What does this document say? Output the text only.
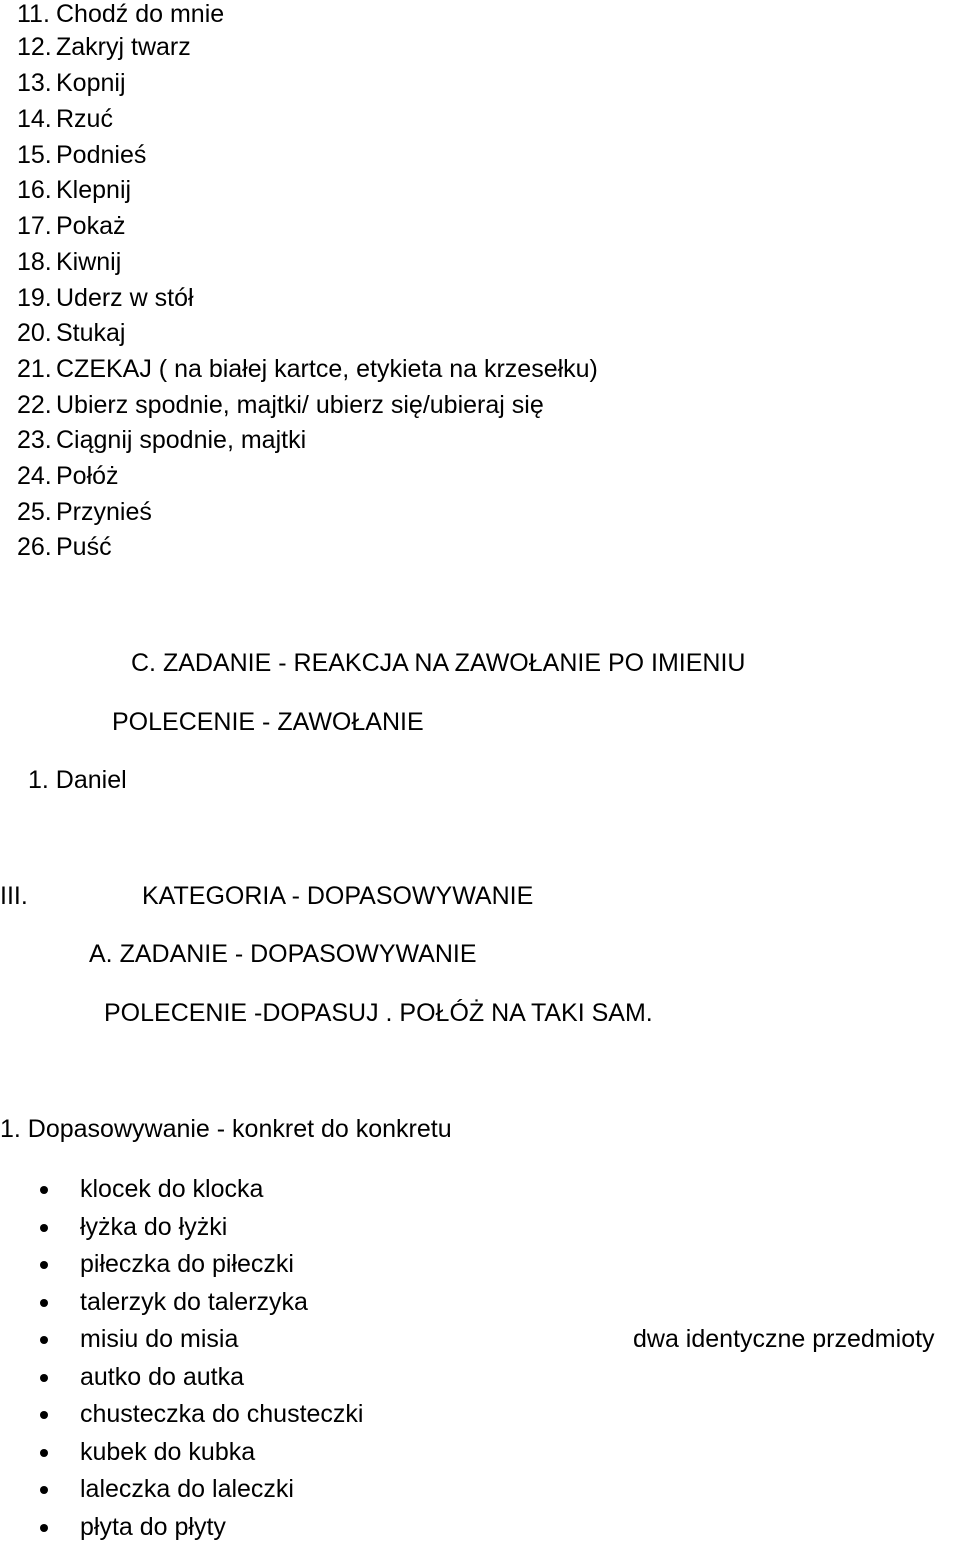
11. Chodź do mnie
12. Zakryj twarz
13. Kopnij
14. Rzuć
15. Podnieś
16. Klepnij
17. Pokaż
18. Kiwnij
19. Uderz w stół
20. Stukaj
21. CZEKAJ ( na białej kartce, etykieta na krzesełku)
22. Ubierz spodnie, majtki/ ubierz się/ubieraj się
23. Ciągnij spodnie, majtki
24. Połóż
25. Przynieś
26. Puść
C. ZADANIE - REAKCJA NA ZAWOŁANIE PO IMIENIU
POLECENIE - ZAWOŁANIE
1. Daniel
III.	KATEGORIA - DOPASOWYWANIE
A. ZADANIE - DOPASOWYWANIE
POLECENIE -DOPASUJ . POŁÓŻ NA TAKI SAM.
1. Dopasowywanie - konkret do konkretu
klocek do klocka
łyżka do łyżki
piłeczka do piłeczki
talerzyk do talerzyka
misiu do misia
autko do autka
chusteczka do chusteczki
kubek do kubka
laleczka do laleczki
płyta do płyty
dwa identyczne przedmioty
